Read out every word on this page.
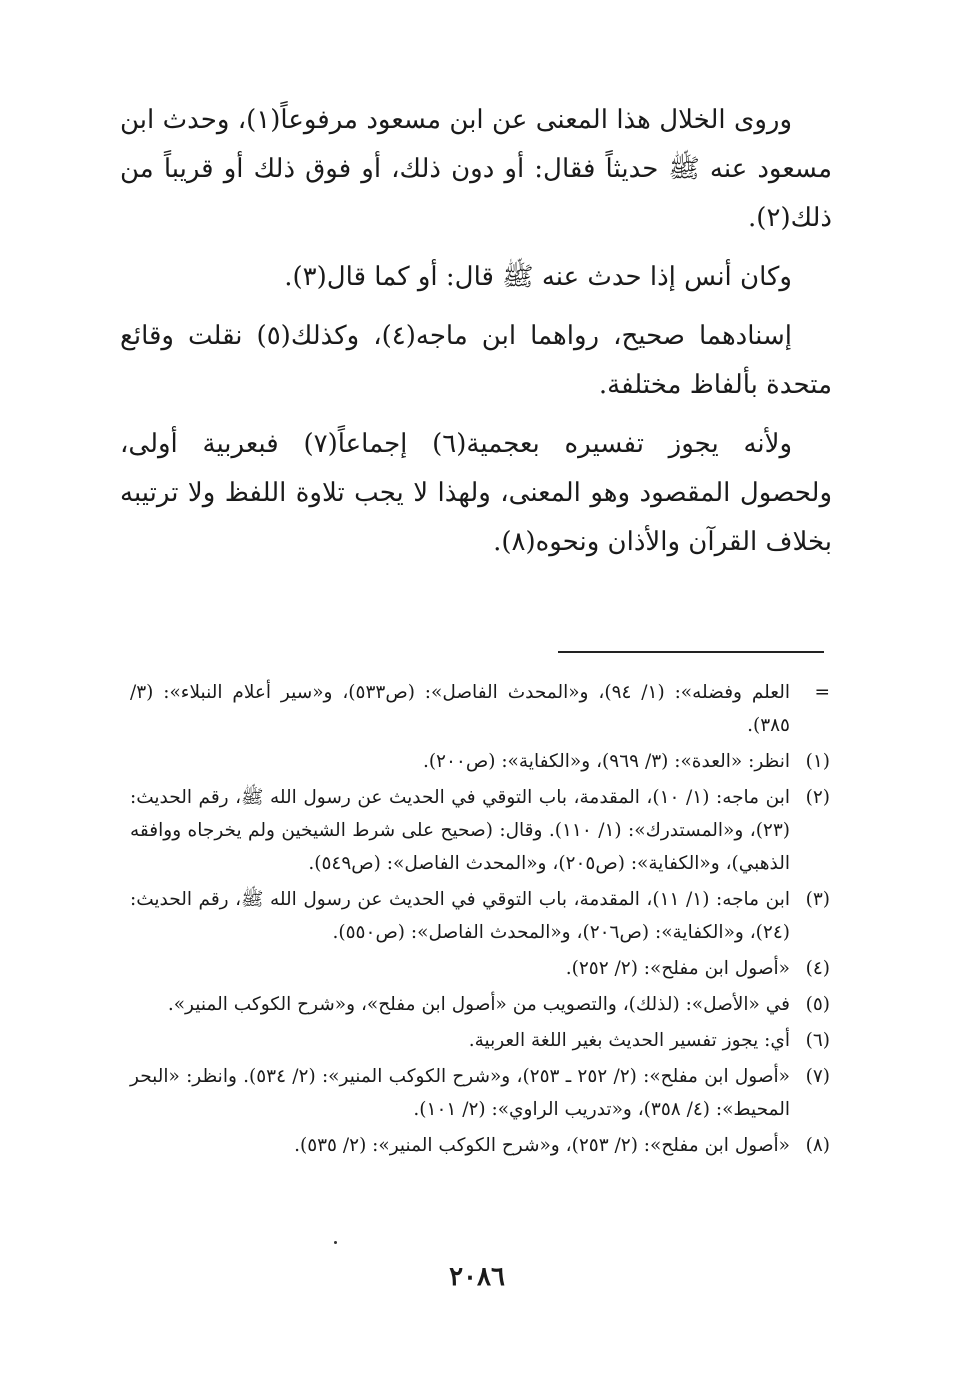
وروى الخلال هذا المعنى عن ابن مسعود مرفوعاً(١)، وحدث ابن مسعود عنه ﷺ حديثاً فقال: أو دون ذلك، أو فوق ذلك أو قريباً من ذلك(٢).

وكان أنس إذا حدث عنه ﷺ قال: أو كما قال(٣).

إسنادهما صحيح، رواهما ابن ماجه(٤)، وكذلك(٥) نقلت وقائع متحدة بألفاظ مختلفة.

ولأنه يجوز تفسيره بعجمية(٦) إجماعاً(٧) فبعربية أولى، ولحصول المقصود وهو المعنى، ولهذا لا يجب تلاوة اللفظ ولا ترتيبه بخلاف القرآن والأذان ونحوه(٨).

=
العلم وفضله»: (١/ ٩٤)، و«المحدث الفاصل»: (ص٥٣٣)، و«سير أعلام النبلاء»: (٣/ ٣٨٥).
(١)
انظر: «العدة»: (٣/ ٩٦٩)، و«الكفاية»: (ص٢٠٠).
(٢)
ابن ماجه: (١/ ١٠)، المقدمة، باب التوقي في الحديث عن رسول الله ﷺ، رقم الحديث: (٢٣)، و«المستدرك»: (١/ ١١٠). وقال: (صحيح على شرط الشيخين ولم يخرجاه ووافقه الذهبي)، و«الكفاية»: (ص٢٠٥)، و«المحدث الفاصل»: (ص٥٤٩).
(٣)
ابن ماجه: (١/ ١١)، المقدمة، باب التوقي في الحديث عن رسول الله ﷺ، رقم الحديث: (٢٤)، و«الكفاية»: (ص٢٠٦)، و«المحدث الفاصل»: (ص٥٥٠).
(٤)
«أصول ابن مفلح»: (٢/ ٢٥٢).
(٥)
في «الأصل»: (لذلك)، والتصويب من «أصول ابن مفلح»، و«شرح الكوكب المنير».
(٦)
أي: يجوز تفسير الحديث بغير اللغة العربية.
(٧)
«أصول ابن مفلح»: (٢/ ٢٥٢ ـ ٢٥٣)، و«شرح الكوكب المنير»: (٢/ ٥٣٤). وانظر: «البحر المحيط»: (٤/ ٣٥٨)، و«تدريب الراوي»: (٢/ ١٠١).
(٨)
«أصول ابن مفلح»: (٢/ ٢٥٣)، و«شرح الكوكب المنير»: (٢/ ٥٣٥).
٢٠٨٦
